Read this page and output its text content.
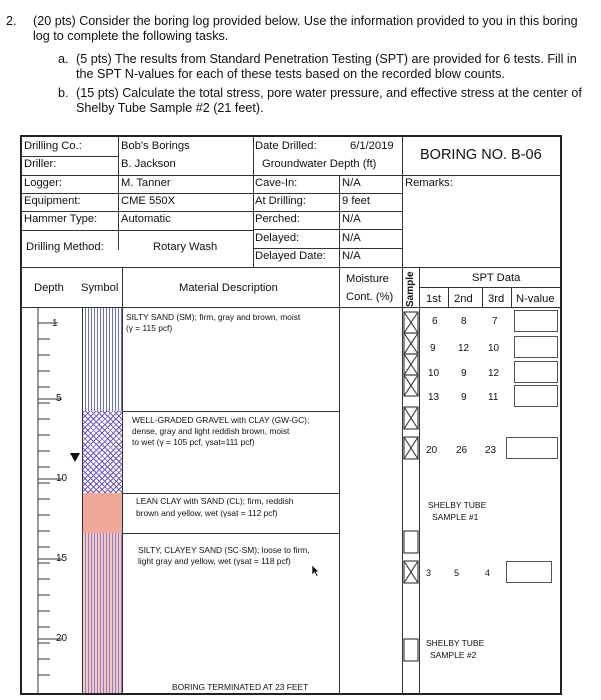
2. (20 pts) Consider the boring log provided below. Use the information provided to you in this boring log to complete the following tasks.
a. (5 pts) The results from Standard Penetration Testing (SPT) are provided for 6 tests. Fill in the SPT N-values for each of these tests based on the recorded blow counts.
b. (15 pts) Calculate the total stress, pore water pressure, and effective stress at the center of Shelby Tube Sample #2 (21 feet).
Drilling Co.:	Bob's Borings
Driller:	B. Jackson
Logger:	M. Tanner
Equipment:	CME 550X
Hammer Type: Automatic
Drilling Method:	Rotary Wash
Date Drilled:	6/1/2019
Groundwater Depth (ft)
Cave-In:	N/A
At Drilling:	9 feet
Perched:	N/A
Delayed:	N/A
Delayed Date: N/A
BORING NO. B-06
Remarks:
Depth Symbol	Material Description
Moisture
Cont. (%) Sample	SPT Data
1st 2nd 3rd N-value
1
5
10
15
20
SILTY SAND (SM); firm, gray and brown, moist
(γ = 115 pcf)
WELL-GRADED GRAVEL with CLAY (GW-GC);
dense, gray and light reddish brown, moist
to wet (γ = 105 pcf, γsat=111 pcf)
LEAN CLAY with SAND (CL); firm, reddish
brown and yellow, wet (γsat = 112 pcf)
SILTY, CLAYEY SAND (SC-SM); loose to firm,
light gray and yellow, wet (γsat = 118 pcf)
BORING TERMINATED AT 23 FEET
6 8	7
9 12 10
10 9 12
13 9 11
20 26 23
SHELBY TUBE
SAMPLE #1
3	5	4
SHELBY TUBE
SAMPLE #2
